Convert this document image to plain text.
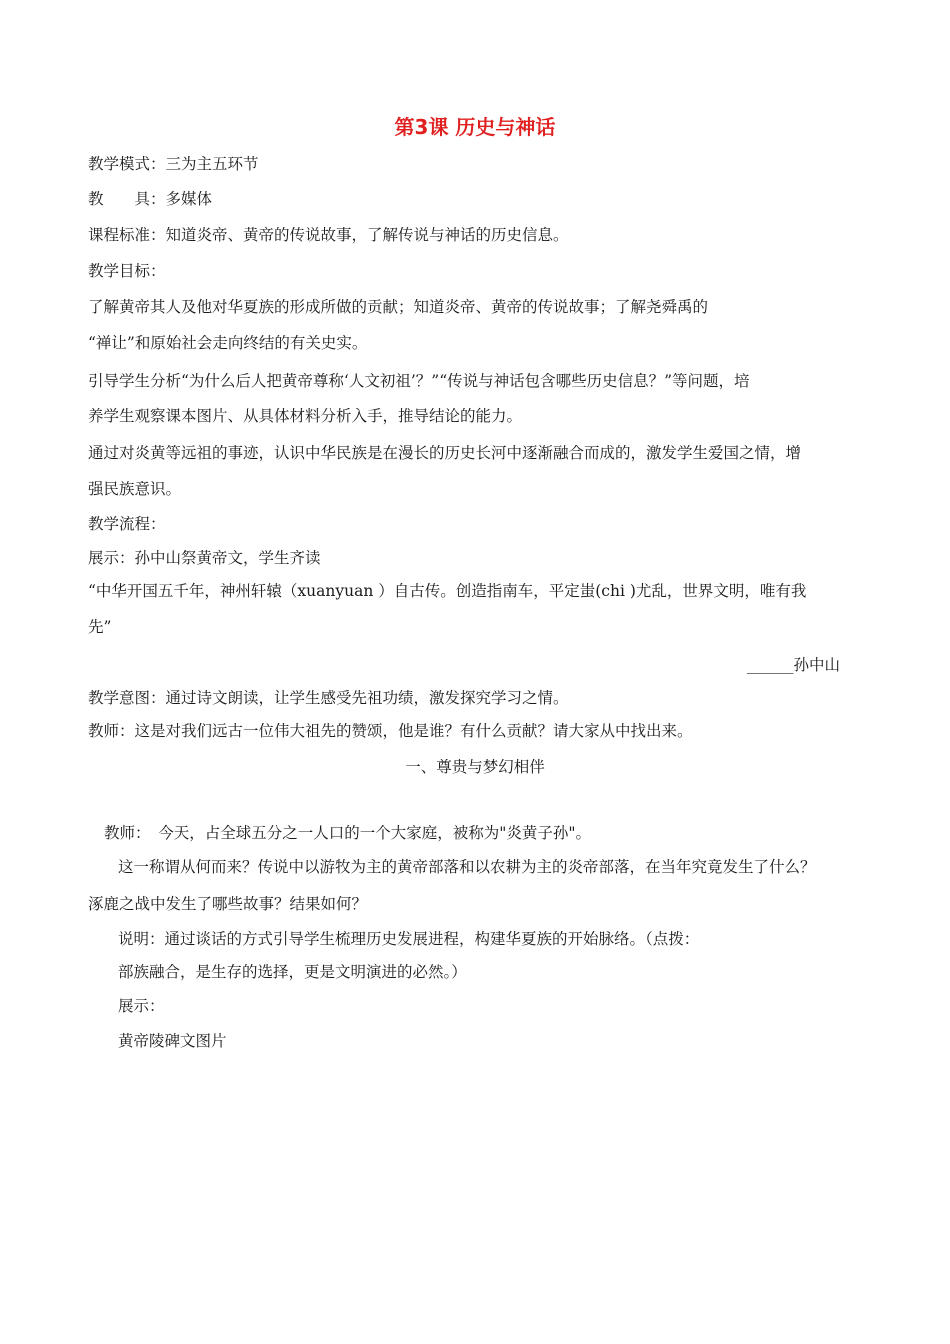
第3课 历史与神话
教学模式：三为主五环节
教　　具：多媒体
课程标准：知道炎帝、黄帝的传说故事，了解传说与神话的历史信息。
教学目标：
了解黄帝其人及他对华夏族的形成所做的贡献；知道炎帝、黄帝的传说故事；了解尧舜禹的
“禅让”和原始社会走向终结的有关史实。
引导学生分析“为什么后人把黄帝尊称‘人文初祖’？”“传说与神话包含哪些历史信息？”等问题，培
养学生观察课本图片、从具体材料分析入手，推导结论的能力。
通过对炎黄等远祖的事迹，认识中华民族是在漫长的历史长河中逐渐融合而成的，激发学生爱国之情，增
强民族意识。
教学流程：
展示：孙中山祭黄帝文，学生齐读
“中华开国五千年，神州轩辕（xuanyuan ）自古传。创造指南车，平定蚩(chi )尤乱，世界文明，唯有我
先”
______孙中山
教学意图：通过诗文朗读，让学生感受先祖功绩，激发探究学习之情。
教师：这是对我们远古一位伟大祖先的赞颂，他是谁？有什么贡献？请大家从中找出来。
一、尊贵与梦幻相伴
教师：　今天，占全球五分之一人口的一个大家庭，被称为"炎黄子孙"。
这一称谓从何而来？传说中以游牧为主的黄帝部落和以农耕为主的炎帝部落，在当年究竟发生了什么？
涿鹿之战中发生了哪些故事？结果如何？
说明：通过谈话的方式引导学生梳理历史发展进程，构建华夏族的开始脉络。（点拨：
部族融合，是生存的选择，更是文明演进的必然。）
展示：
黄帝陵碑文图片
